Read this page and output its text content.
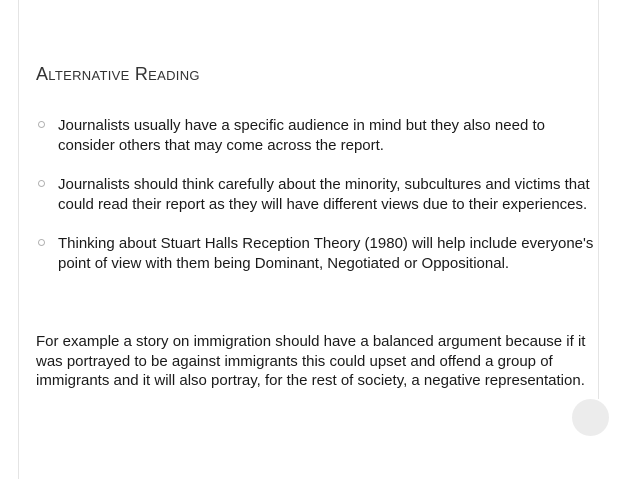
Alternative Reading
Journalists usually have a specific audience in mind but they also need to consider others that may come across the report.
Journalists should think carefully about the minority, subcultures and victims that could read their report as they will have different views due to their experiences.
Thinking about Stuart Halls Reception Theory (1980) will help include everyone's point of view with them being Dominant, Negotiated or Oppositional.

For example a story on immigration should have a balanced argument because if it was portrayed to be against immigrants this could upset and offend a group of immigrants and it will also portray, for the rest of society, a negative representation.
